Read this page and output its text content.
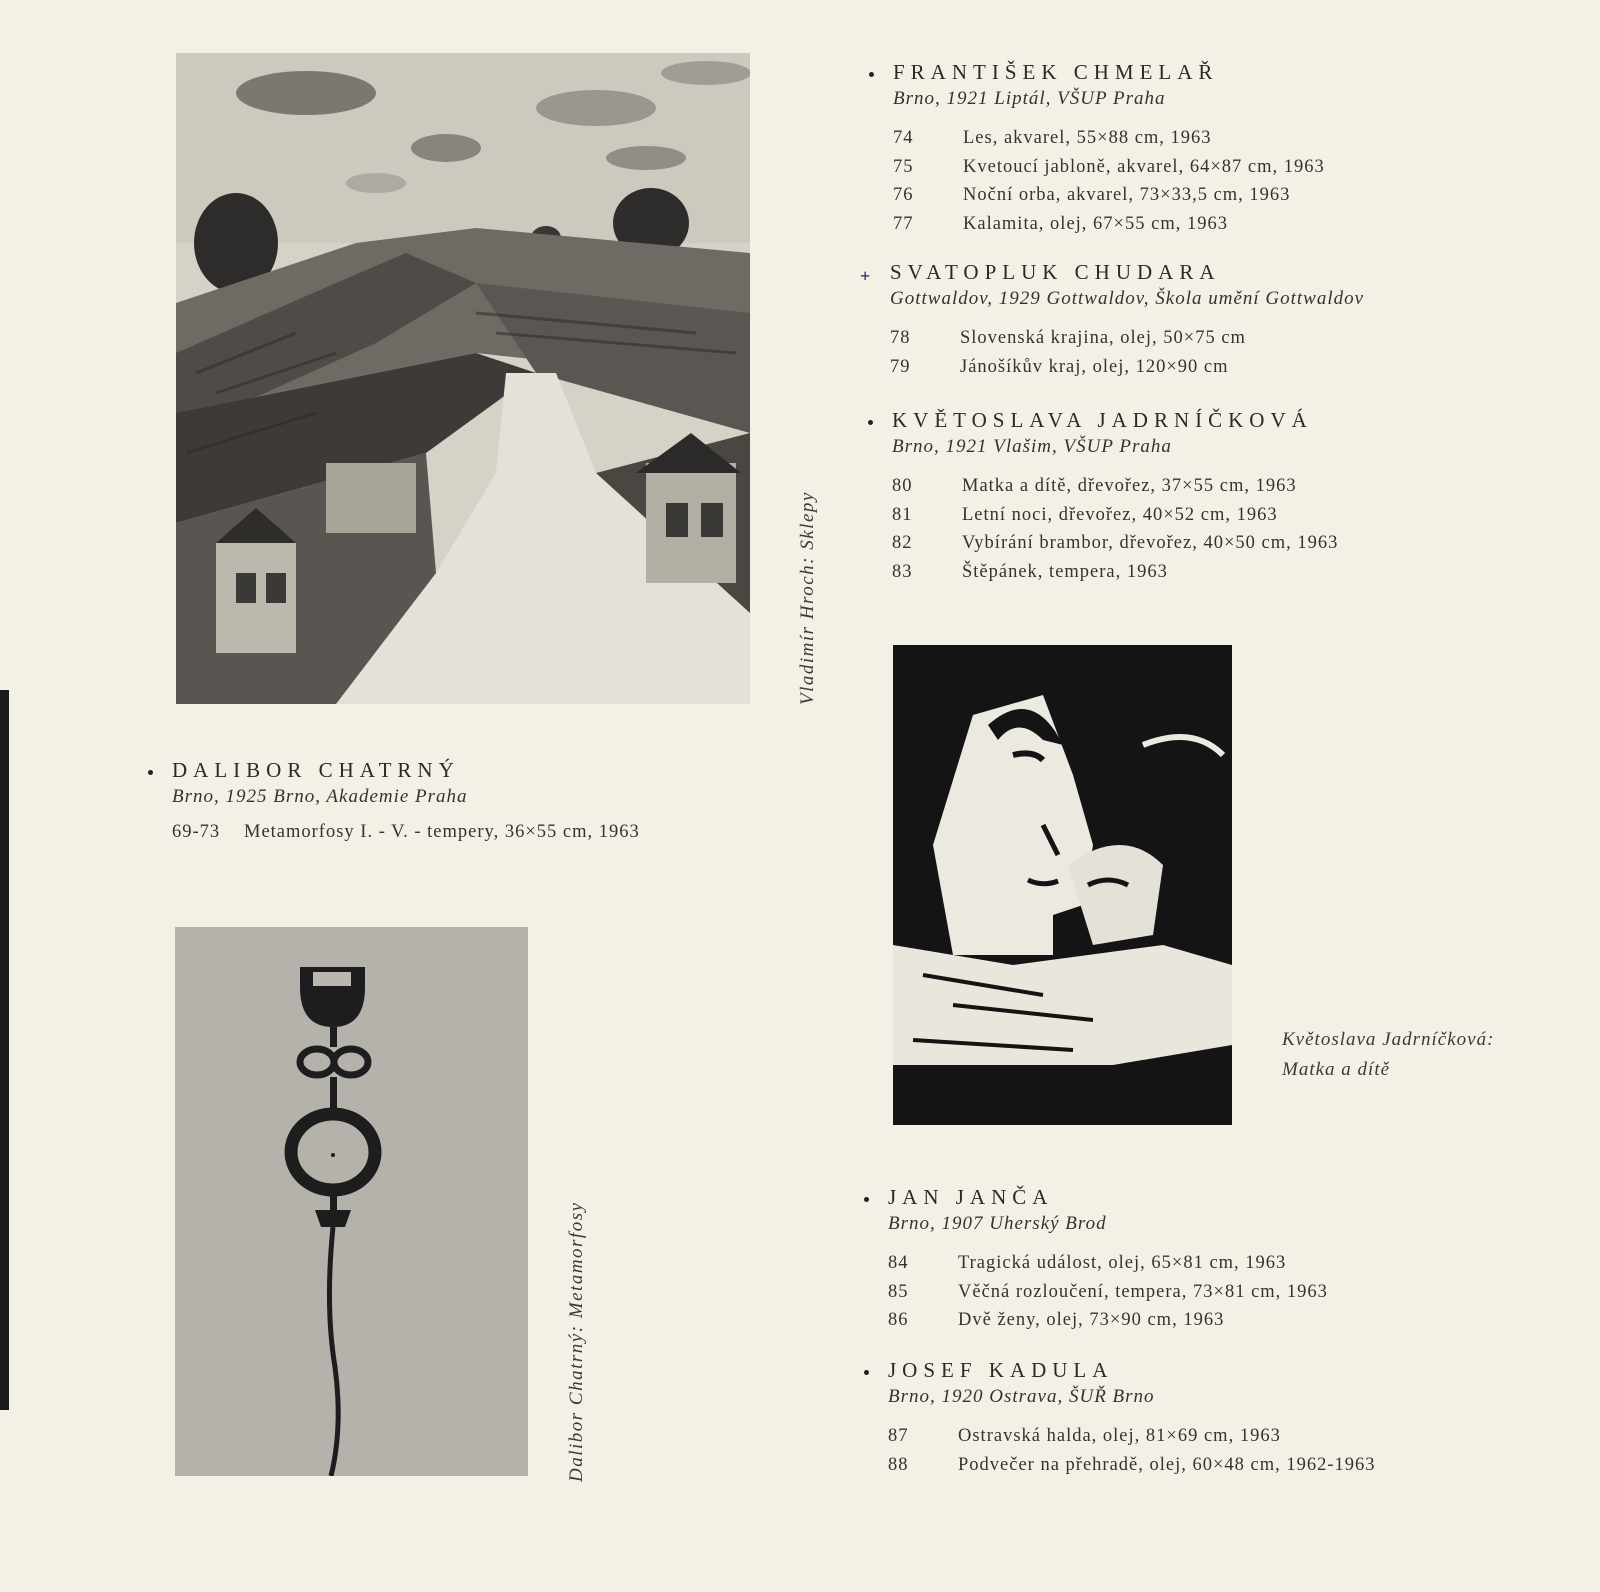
Vladimír Hroch: Sklepy
Dalibor Chatrný: Metamorfosy
Květoslava Jadrníčková:
Matka a dítě
FRANTIŠEK CHMELAŘ
Brno, 1921 Liptál, VŠUP Praha
74	Les, akvarel, 55×88 cm, 1963
75	Kvetoucí jabloně, akvarel, 64×87 cm, 1963
76	Noční orba, akvarel, 73×33,5 cm, 1963
77	Kalamita, olej, 67×55 cm, 1963
+ SVATOPLUK CHUDARA
Gottwaldov, 1929 Gottwaldov, Škola umění Gottwaldov
78	Slovenská krajina, olej, 50×75 cm
79	Jánošíkův kraj, olej, 120×90 cm
KVĚTOSLAVA JADRNÍČKOVÁ
Brno, 1921 Vlašim, VŠUP Praha
80	Matka a dítě, dřevořez, 37×55 cm, 1963
81	Letní noci, dřevořez, 40×52 cm, 1963
82	Vybírání brambor, dřevořez, 40×50 cm, 1963
83	Štěpánek, tempera, 1963
DALIBOR CHATRNÝ
Brno, 1925 Brno, Akademie Praha
69-73	Metamorfosy I. - V. - tempery, 36×55 cm, 1963
JAN JANČA
Brno, 1907 Uherský Brod
84	Tragická událost, olej, 65×81 cm, 1963
85	Věčná rozloučení, tempera, 73×81 cm, 1963
86	Dvě ženy, olej, 73×90 cm, 1963
JOSEF KADULA
Brno, 1920 Ostrava, ŠUŘ Brno
87	Ostravská halda, olej, 81×69 cm, 1963
88	Podvečer na přehradě, olej, 60×48 cm, 1962-1963
